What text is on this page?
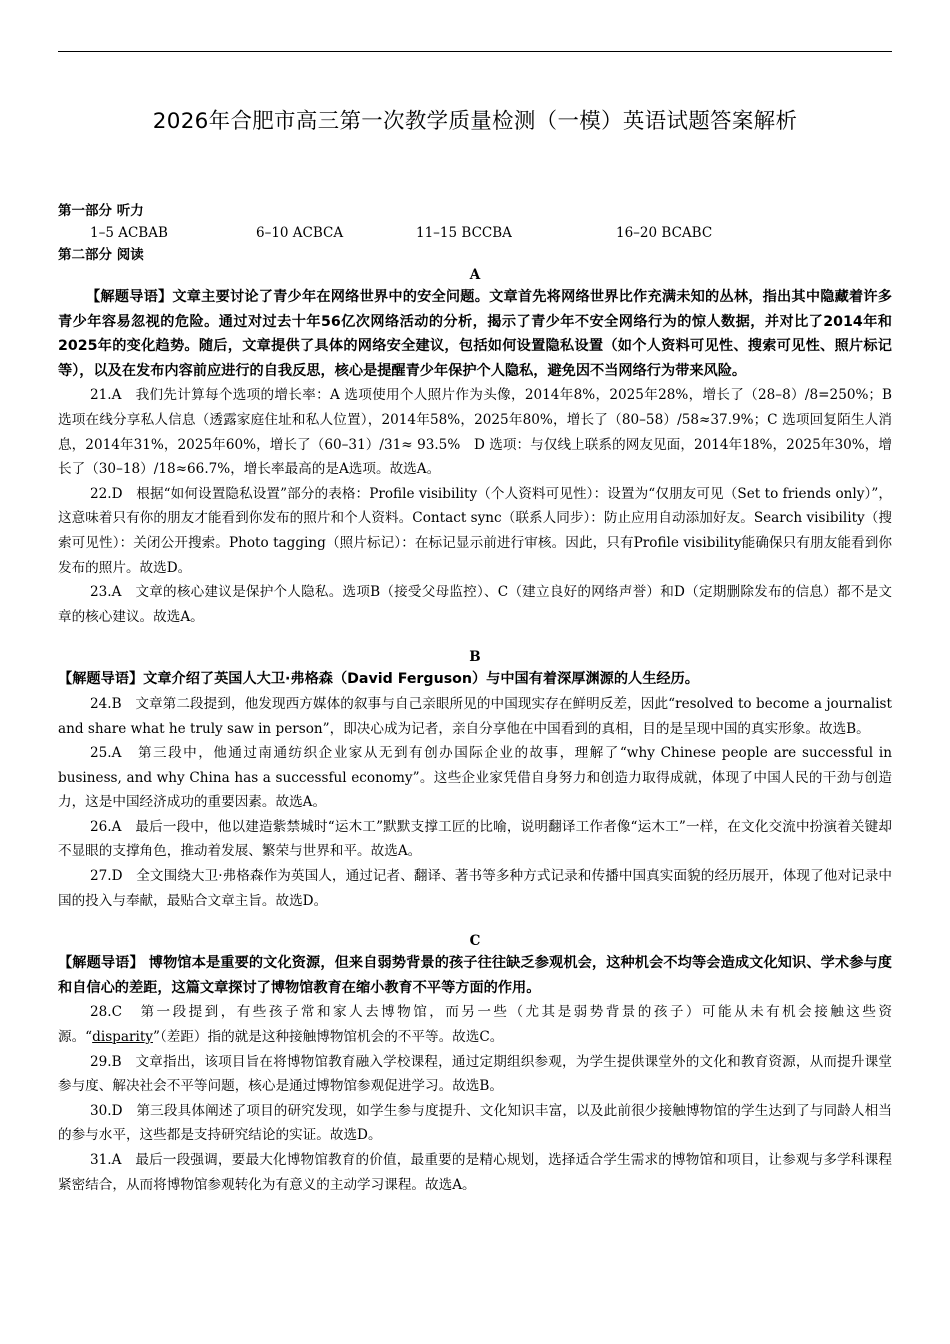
2026年合肥市高三第一次教学质量检测（一模）英语试题答案解析

第一部分 听力

1–5 ACBAB	6–10 ACBCA	11–15 BCCBA	16–20 BCABC

第二部分 阅读

A

【解题导语】文章主要讨论了青少年在网络世界中的安全问题。文章首先将网络世界比作充满未知的丛林，指出其中隐藏着许多青少年容易忽视的危险。通过对过去十年56亿次网络活动的分析，揭示了青少年不安全网络行为的惊人数据，并对比了2014年和2025年的变化趋势。随后，文章提供了具体的网络安全建议，包括如何设置隐私设置（如个人资料可见性、搜索可见性、照片标记等），以及在发布内容前应进行的自我反思，核心是提醒青少年保护个人隐私，避免因不当网络行为带来风险。

21.A　我们先计算每个选项的增长率：A 选项使用个人照片作为头像，2014年8%，2025年28%，增长了（28–8）/8=250%；B 选项在线分享私人信息（透露家庭住址和私人位置），2014年58%，2025年80%，增长了（80–58）/58≈37.9%；C 选项回复陌生人消息，2014年31%，2025年60%，增长了（60–31）/31≈ 93.5%　D 选项：与仅线上联系的网友见面，2014年18%，2025年30%，增长了（30–18）/18≈66.7%，增长率最高的是A选项。故选A。

22.D　根据“如何设置隐私设置”部分的表格：Profile visibility（个人资料可见性）：设置为“仅朋友可见（Set to friends only）”，这意味着只有你的朋友才能看到你发布的照片和个人资料。Contact sync（联系人同步）：防止应用自动添加好友。Search visibility（搜索可见性）：关闭公开搜索。Photo tagging（照片标记）：在标记显示前进行审核。因此，只有Profile visibility能确保只有朋友能看到你发布的照片。故选D。

23.A　文章的核心建议是保护个人隐私。选项B（接受父母监控）、C（建立良好的网络声誉）和D（定期删除发布的信息）都不是文章的核心建议。故选A。

B

【解题导语】文章介绍了英国人大卫·弗格森（David Ferguson）与中国有着深厚渊源的人生经历。

24.B　文章第二段提到，他发现西方媒体的叙事与自己亲眼所见的中国现实存在鲜明反差，因此“resolved to become a journalist and share what he truly saw in person”，即决心成为记者，亲自分享他在中国看到的真相，目的是呈现中国的真实形象。故选B。

25.A　第三段中，他通过南通纺织企业家从无到有创办国际企业的故事，理解了“why Chinese people are successful in business, and why China has a successful economy”。这些企业家凭借自身努力和创造力取得成就，体现了中国人民的干劲与创造力，这是中国经济成功的重要因素。故选A。

26.A　最后一段中，他以建造紫禁城时“运木工”默默支撑工匠的比喻，说明翻译工作者像“运木工”一样，在文化交流中扮演着关键却不显眼的支撑角色，推动着发展、繁荣与世界和平。故选A。

27.D　全文围绕大卫·弗格森作为英国人，通过记者、翻译、著书等多种方式记录和传播中国真实面貌的经历展开，体现了他对记录中国的投入与奉献，最贴合文章主旨。故选D。

C

【解题导语】 博物馆本是重要的文化资源，但来自弱势背景的孩子往往缺乏参观机会，这种机会不均等会造成文化知识、学术参与度和自信心的差距，这篇文章探讨了博物馆教育在缩小教育不平等方面的作用。

28.C　第一段提到，有些孩子常和家人去博物馆，而另一些（尤其是弱势背景的孩子）可能从未有机会接触这些资源。“disparity”（差距）指的就是这种接触博物馆机会的不平等。故选C。

29.B　文章指出，该项目旨在将博物馆教育融入学校课程，通过定期组织参观，为学生提供课堂外的文化和教育资源，从而提升课堂参与度、解决社会不平等问题，核心是通过博物馆参观促进学习。故选B。

30.D　第三段具体阐述了项目的研究发现，如学生参与度提升、文化知识丰富，以及此前很少接触博物馆的学生达到了与同龄人相当的参与水平，这些都是支持研究结论的实证。故选D。

31.A　最后一段强调，要最大化博物馆教育的价值，最重要的是精心规划，选择适合学生需求的博物馆和项目，让参观与多学科课程紧密结合，从而将博物馆参观转化为有意义的主动学习课程。故选A。
